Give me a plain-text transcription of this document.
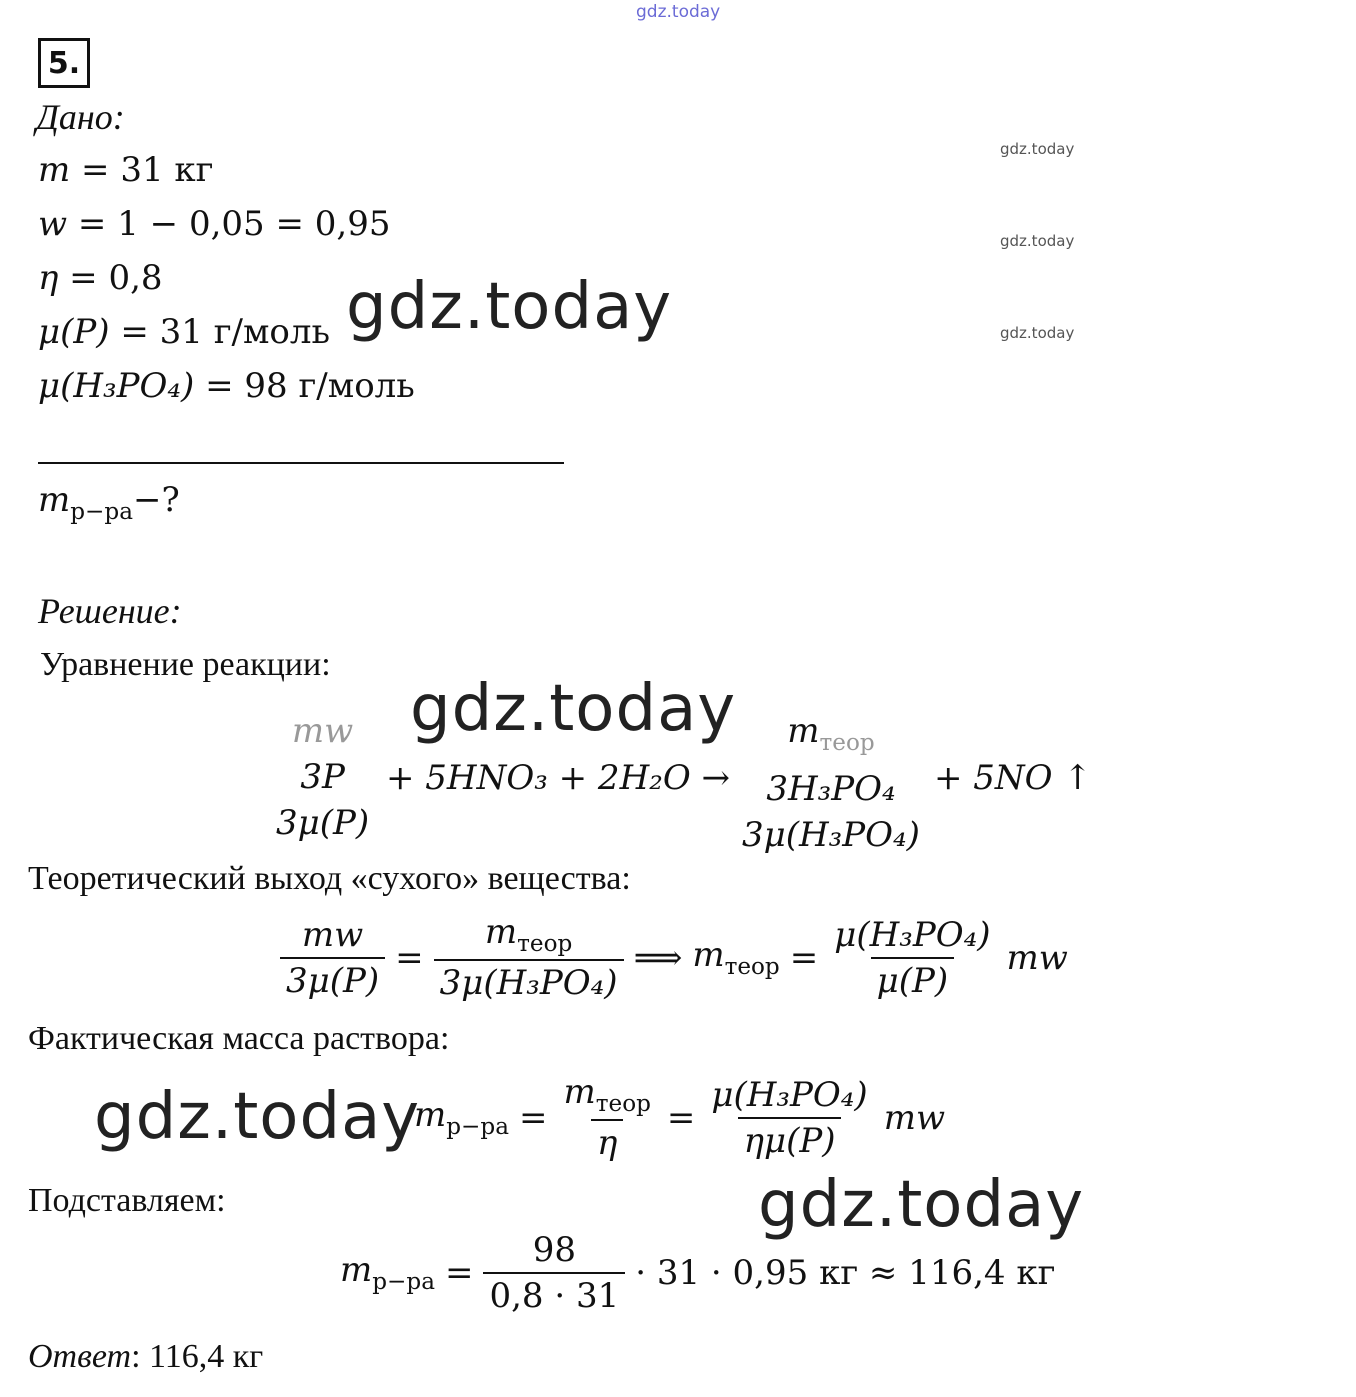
gdz.today
gdz.today
gdz.today
gdz.today
5.
Дано:
m = 31 кг
w = 1 − 0,05 = 0,95
η = 0,8
μ(P) = 31 г/моль
μ(H₃PO₄) = 98 г/моль
gdz.today
$m_{р-ра}-$?
Решение:
Уравнение реакции:
gdz.today
mw
3P
3μ(P)
+ 5HNO₃ + 2H₂O →
$m_{теор}$
3H₃PO₄
3μ(H₃PO₄)
+ 5NO ↑
Теоретический выход «сухого» вещества:
$\frac{mw}{3\mu(P)} = \frac{m_{теор}}{\text{3μ(H₃PO₄)}}$ ⟹ $m_{теор} = \frac{\text{μ(H₃PO₄)}}{\mu(P)}$ mw
Фактическая масса раствора:
gdz.today
$m_{р-ра} = \frac{m_{теор}}{\eta} = \frac{\text{μ(H₃PO₄)}}{\eta\mu(P)}$ mw
Подставляем:	gdz.today
$m_{р-ра} = \frac{98}{0,8 \cdot 31} \cdot 31 \cdot 0,95$ кг ≈ 116,4 кг
Ответ: 116,4 кг
